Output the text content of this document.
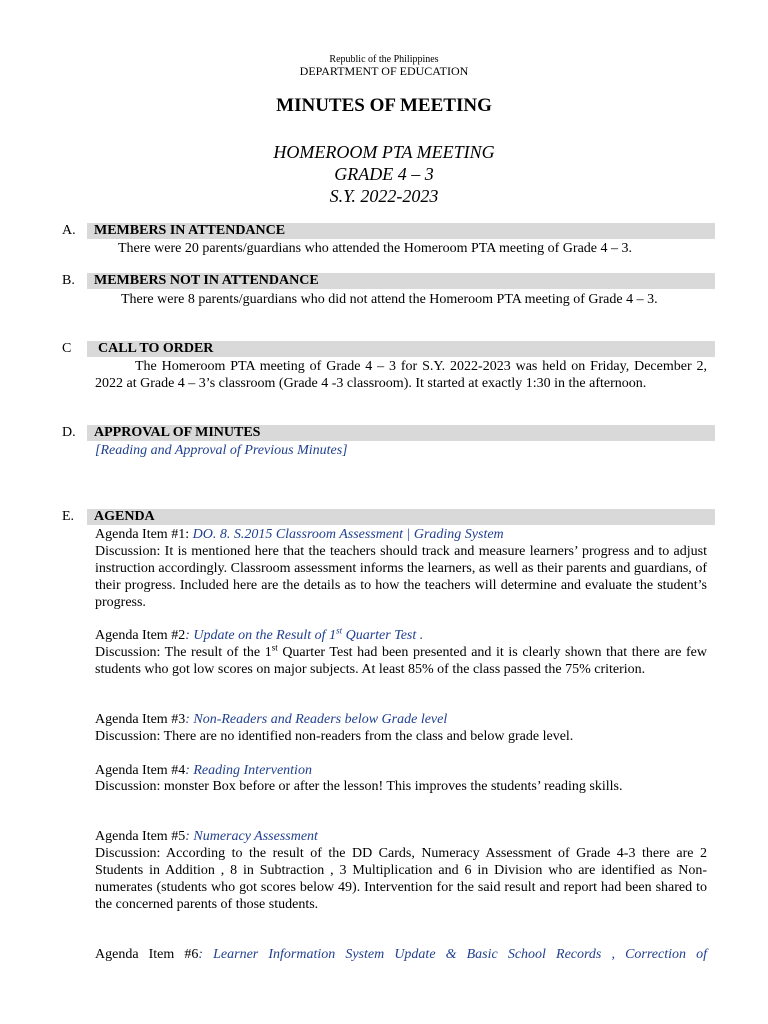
Republic of the Philippines
DEPARTMENT OF EDUCATION
MINUTES OF MEETING
HOMEROOM PTA MEETING
GRADE 4 – 3
S.Y. 2022-2023
A.	MEMBERS IN ATTENDANCE
There were 20 parents/guardians who attended the Homeroom PTA meeting of Grade 4 – 3.
B.	MEMBERS NOT IN ATTENDANCE
There were 8 parents/guardians who did not attend the Homeroom PTA meeting of Grade 4 – 3.
C	CALL TO ORDER
The Homeroom PTA meeting of Grade 4 – 3 for S.Y. 2022-2023 was held on Friday, December 2, 2022 at Grade 4 – 3’s classroom (Grade 4 -3 classroom). It started at exactly 1:30 in the afternoon.
D.	APPROVAL OF MINUTES
[Reading and Approval of Previous Minutes]
E.	AGENDA
Agenda Item #1: DO. 8. S.2015 Classroom Assessment | Grading System
Discussion: It is mentioned here that the teachers should track and measure learners’ progress and to adjust instruction accordingly. Classroom assessment informs the learners, as well as their parents and guardians, of their progress. Included here are the details as to how the teachers will determine and evaluate the student’s progress.
Agenda Item #2: Update on the Result of 1st Quarter Test .
Discussion: The result of the 1st Quarter Test had been presented and it is clearly shown that there are few students who got low scores on major subjects. At least 85% of the class passed the 75% criterion.
Agenda Item #3: Non-Readers and Readers below Grade level
Discussion: There are no identified non-readers from the class and below grade level.
Agenda Item #4: Reading Intervention
Discussion: monster Box before or after the lesson! This improves the students’ reading skills.
Agenda Item #5: Numeracy Assessment
Discussion: According to the result of the DD Cards, Numeracy Assessment of Grade 4-3 there are 2 Students in Addition , 8 in Subtraction , 3 Multiplication and 6 in Division who are identified as Non-numerates (students who got scores below 49). Intervention for the said result and report had been shared to the concerned parents of those students.
Agenda Item #6: Learner Information System Update & Basic School Records , Correction of
